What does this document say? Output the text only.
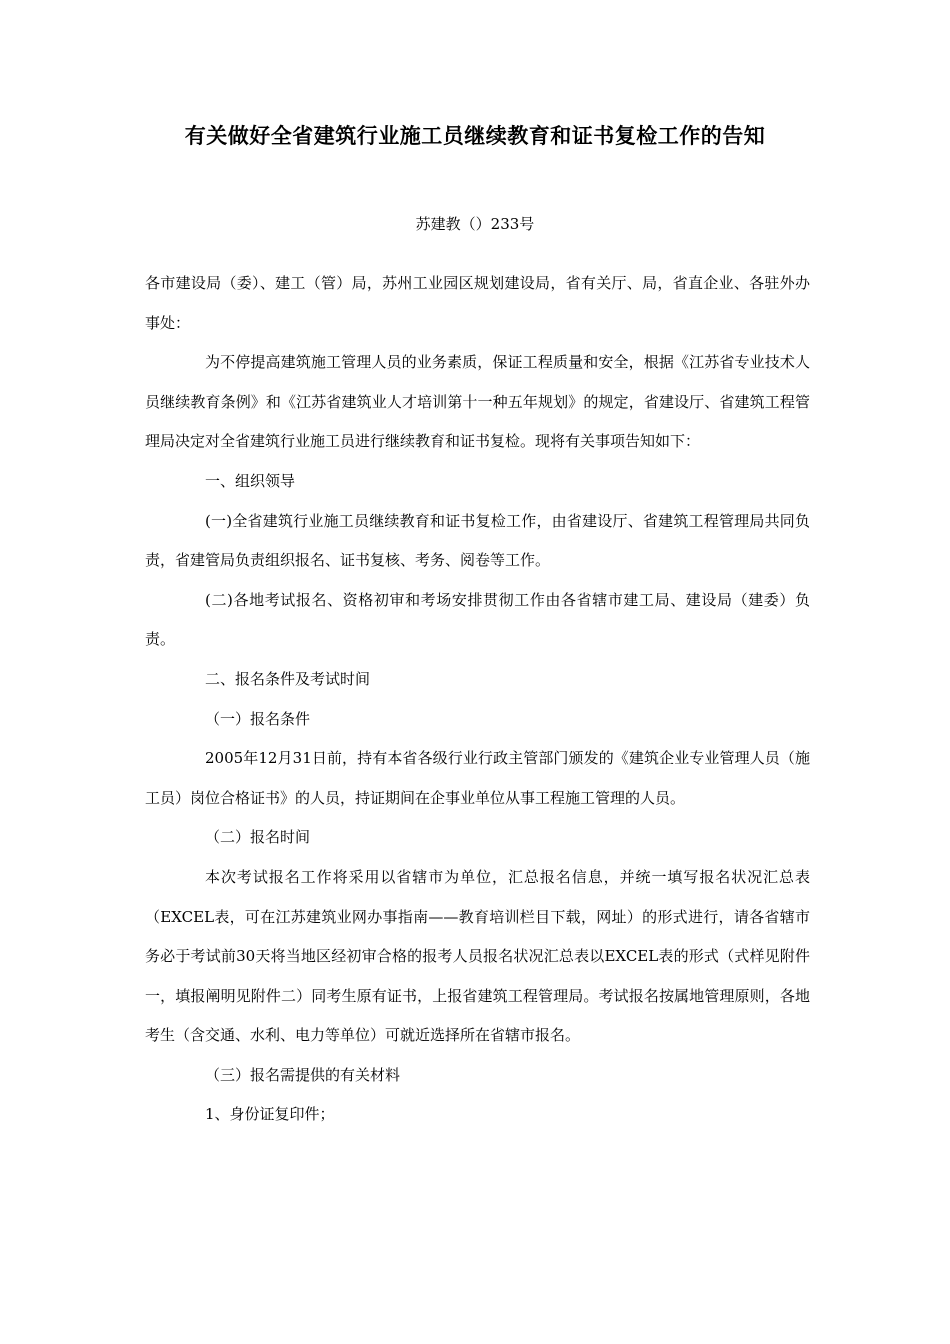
有关做好全省建筑行业施工员继续教育和证书复检工作的告知
苏建教（）233号

各市建设局（委）、建工（管）局，苏州工业园区规划建设局，省有关厅、局，省直企业、各驻外办事处：

为不停提高建筑施工管理人员的业务素质，保证工程质量和安全，根据《江苏省专业技术人员继续教育条例》和《江苏省建筑业人才培训第十一种五年规划》的规定，省建设厅、省建筑工程管理局决定对全省建筑行业施工员进行继续教育和证书复检。现将有关事项告知如下：

一、组织领导

(一)全省建筑行业施工员继续教育和证书复检工作，由省建设厅、省建筑工程管理局共同负责，省建管局负责组织报名、证书复核、考务、阅卷等工作。

(二)各地考试报名、资格初审和考场安排贯彻工作由各省辖市建工局、建设局（建委）负责。

二、报名条件及考试时间

（一）报名条件

2005年12月31日前，持有本省各级行业行政主管部门颁发的《建筑企业专业管理人员（施工员）岗位合格证书》的人员，持证期间在企事业单位从事工程施工管理的人员。

（二）报名时间

本次考试报名工作将采用以省辖市为单位，汇总报名信息，并统一填写报名状况汇总表（EXCEL表，可在江苏建筑业网办事指南——教育培训栏目下载，网址）的形式进行，请各省辖市务必于考试前30天将当地区经初审合格的报考人员报名状况汇总表以EXCEL表的形式（式样见附件一，填报阐明见附件二）同考生原有证书，上报省建筑工程管理局。考试报名按属地管理原则，各地考生（含交通、水利、电力等单位）可就近选择所在省辖市报名。

（三）报名需提供的有关材料

1、身份证复印件；
